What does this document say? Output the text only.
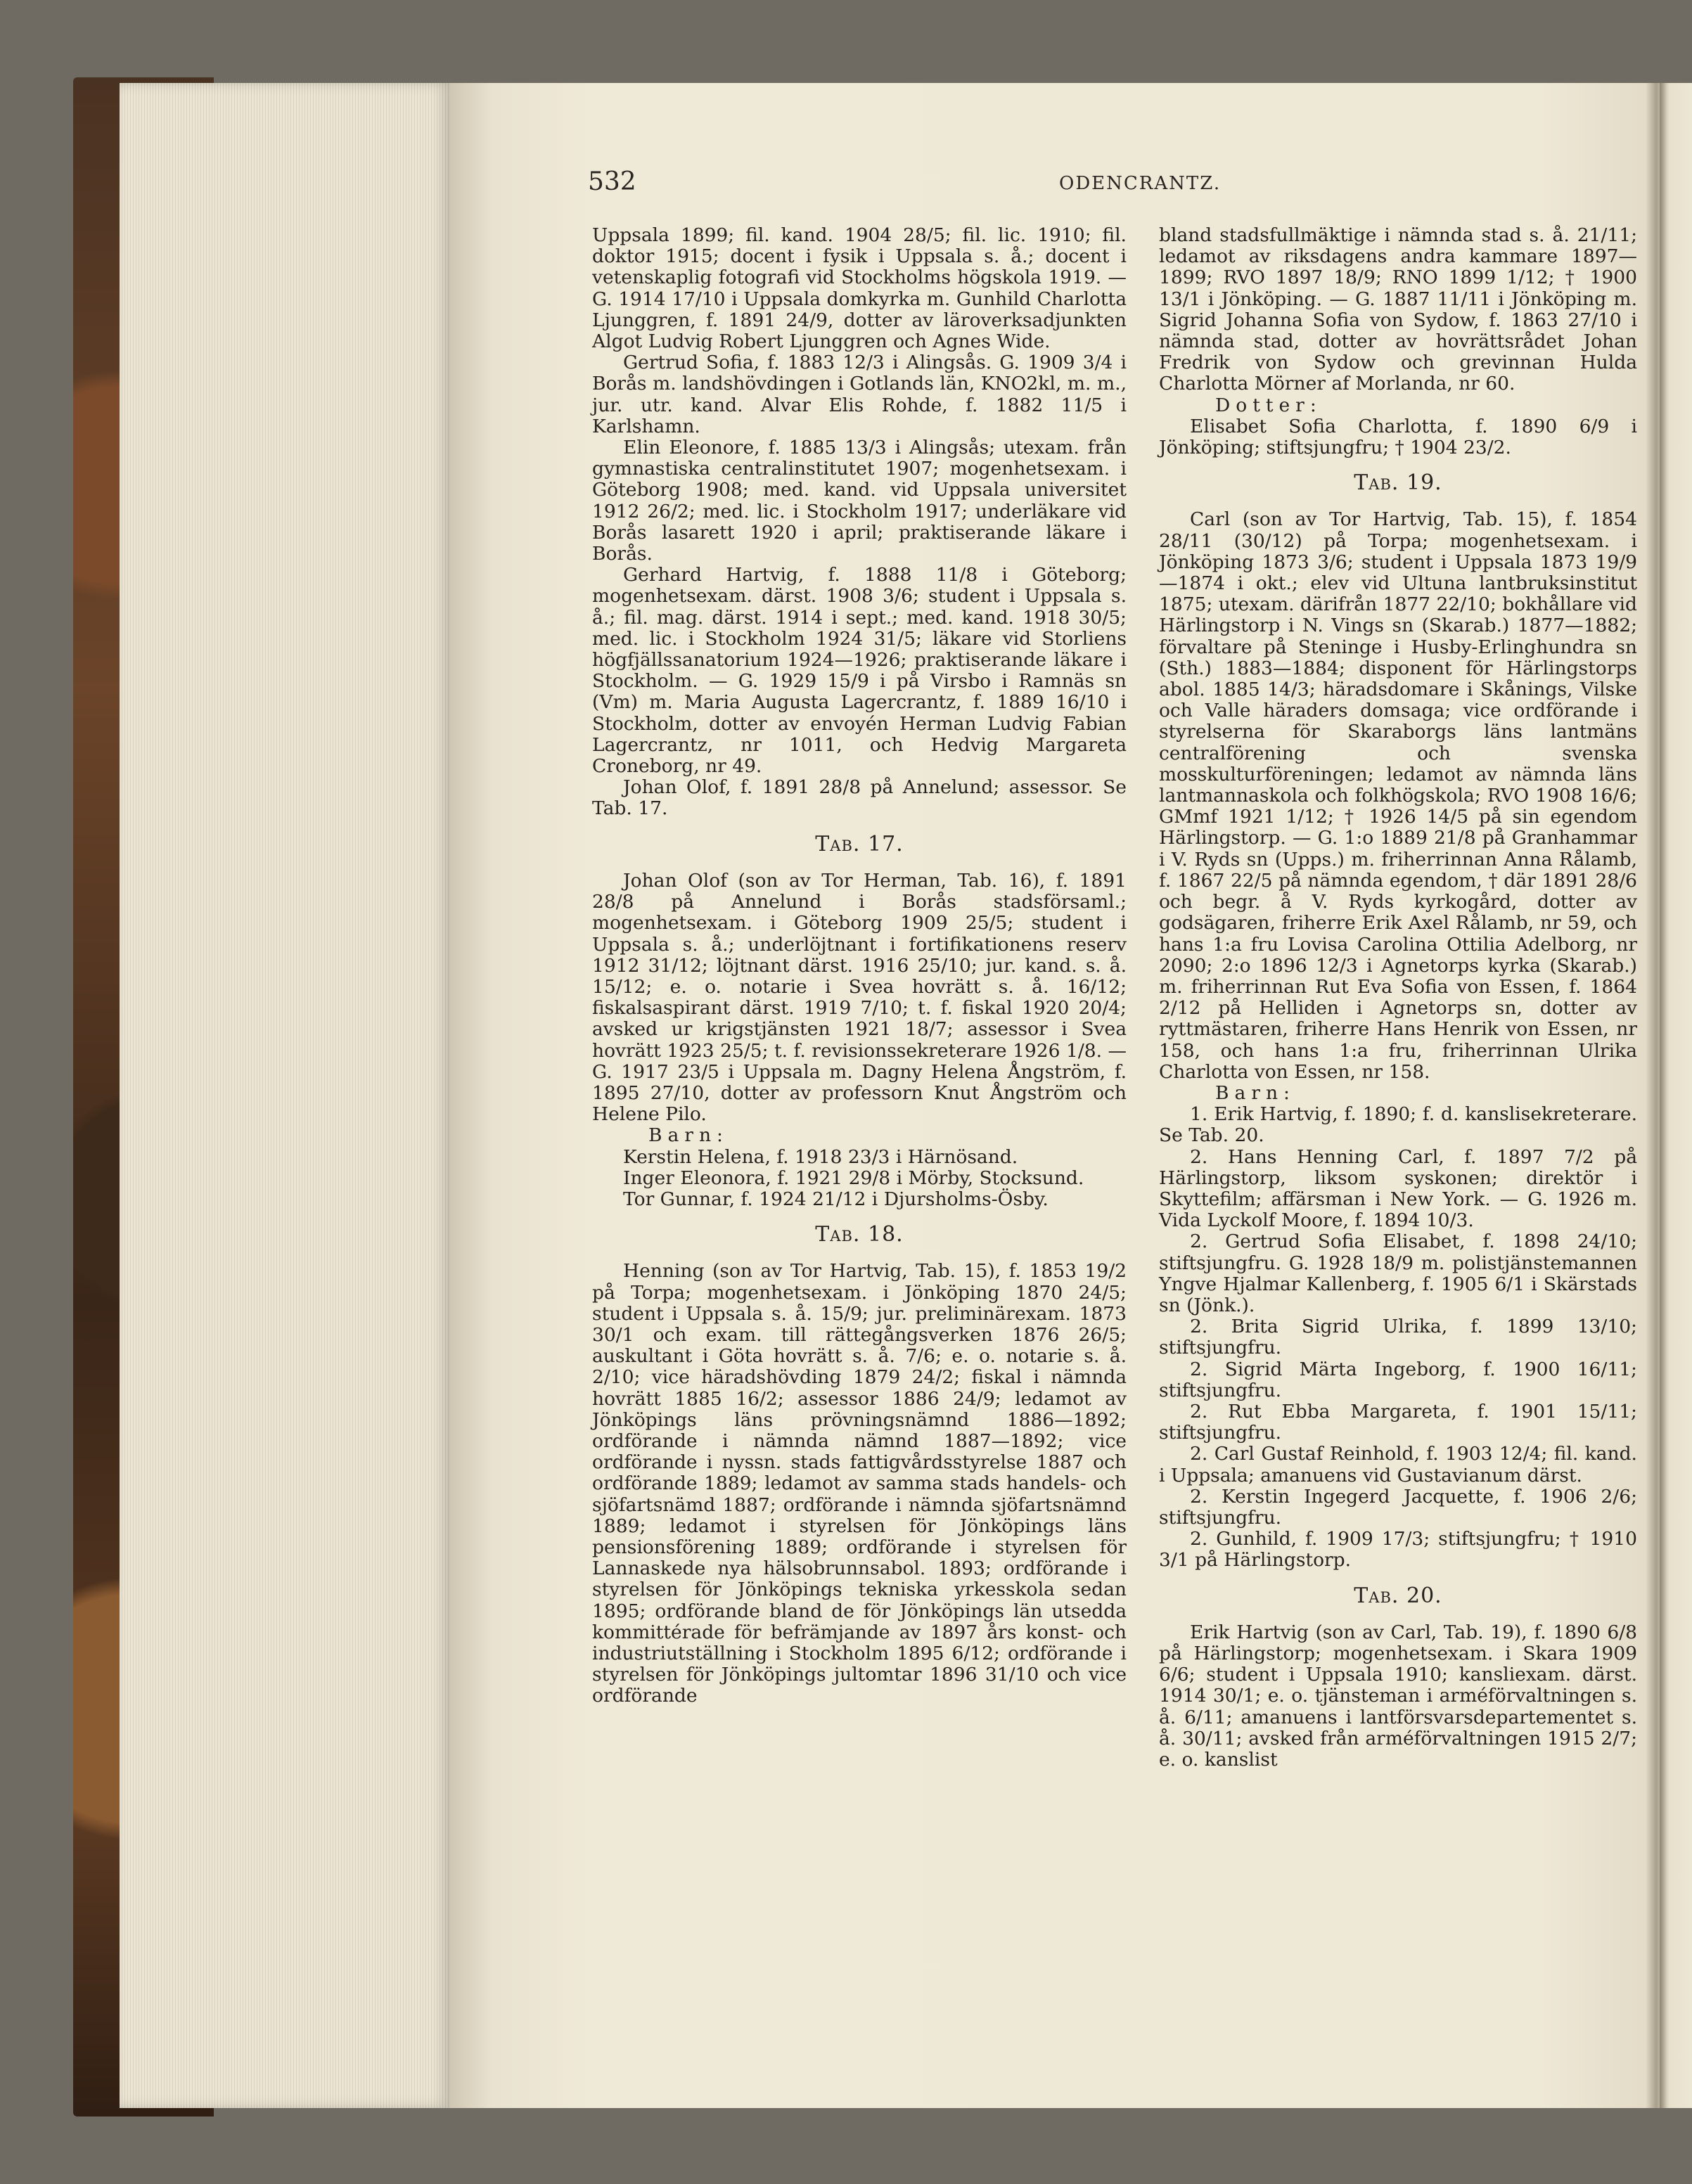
532	ODENCRANTZ.

Uppsala 1899; fil. kand. 1904 28/5; fil. lic. 1910; fil. doktor 1915; docent i fysik i Uppsala s. å.; docent i vetenskaplig fotografi vid Stockholms högskola 1919. — G. 1914 17/10 i Uppsala domkyrka m. Gunhild Charlotta Ljunggren, f. 1891 24/9, dotter av läroverksadjunkten Algot Ludvig Robert Ljunggren och Agnes Wide.

Gertrud Sofia, f. 1883 12/3 i Alingsås. G. 1909 3/4 i Borås m. landshövdingen i Gotlands län, KNO2kl, m. m., jur. utr. kand. Alvar Elis Rohde, f. 1882 11/5 i Karlshamn.

Elin Eleonore, f. 1885 13/3 i Alingsås; utexam. från gymnastiska centralinstitutet 1907; mogenhetsexam. i Göteborg 1908; med. kand. vid Uppsala universitet 1912 26/2; med. lic. i Stockholm 1917; underläkare vid Borås lasarett 1920 i april; praktiserande läkare i Borås.

Gerhard Hartvig, f. 1888 11/8 i Göteborg; mogenhetsexam. därst. 1908 3/6; student i Uppsala s. å.; fil. mag. därst. 1914 i sept.; med. kand. 1918 30/5; med. lic. i Stockholm 1924 31/5; läkare vid Storliens högfjällssanatorium 1924—1926; praktiserande läkare i Stockholm. — G. 1929 15/9 i på Virsbo i Ramnäs sn (Vm) m. Maria Augusta Lagercrantz, f. 1889 16/10 i Stockholm, dotter av envoyén Herman Ludvig Fabian Lagercrantz, nr 1011, och Hedvig Margareta Croneborg, nr 49.

Johan Olof, f. 1891 28/8 på Annelund; assessor. Se Tab. 17.

Tab. 17.

Johan Olof (son av Tor Herman, Tab. 16), f. 1891 28/8 på Annelund i Borås stadsförsaml.; mogenhetsexam. i Göteborg 1909 25/5; student i Uppsala s. å.; underlöjtnant i fortifikationens reserv 1912 31/12; löjtnant därst. 1916 25/10; jur. kand. s. å. 15/12; e. o. notarie i Svea hovrätt s. å. 16/12; fiskalsaspirant därst. 1919 7/10; t. f. fiskal 1920 20/4; avsked ur krigstjänsten 1921 18/7; assessor i Svea hovrätt 1923 25/5; t. f. revisionssekreterare 1926 1/8. — G. 1917 23/5 i Uppsala m. Dagny Helena Ångström, f. 1895 27/10, dotter av professorn Knut Ångström och Helene Pilo.

Barn:

Kerstin Helena, f. 1918 23/3 i Härnösand.

Inger Eleonora, f. 1921 29/8 i Mörby, Stocksund.

Tor Gunnar, f. 1924 21/12 i Djursholms-Ösby.

Tab. 18.

Henning (son av Tor Hartvig, Tab. 15), f. 1853 19/2 på Torpa; mogenhetsexam. i Jönköping 1870 24/5; student i Uppsala s. å. 15/9; jur. preliminärexam. 1873 30/1 och exam. till rättegångsverken 1876 26/5; auskultant i Göta hovrätt s. å. 7/6; e. o. notarie s. å. 2/10; vice häradshövding 1879 24/2; fiskal i nämnda hovrätt 1885 16/2; assessor 1886 24/9; ledamot av Jönköpings läns prövningsnämnd 1886—1892; ordförande i nämnda nämnd 1887—1892; vice ordförande i nyssn. stads fattigvårdsstyrelse 1887 och ordförande 1889; ledamot av samma stads handels- och sjöfartsnämd 1887; ordförande i nämnda sjöfartsnämnd 1889; ledamot i styrelsen för Jönköpings läns pensionsförening 1889; ordförande i styrelsen för Lannaskede nya hälsobrunnsabol. 1893; ordförande i styrelsen för Jönköpings tekniska yrkesskola sedan 1895; ordförande bland de för Jönköpings län utsedda kommittérade för befrämjande av 1897 års konst- och industriutställning i Stockholm 1895 6/12; ordförande i styrelsen för Jönköpings jultomtar 1896 31/10 och vice ordförande

bland stadsfullmäktige i nämnda stad s. å. 21/11; ledamot av riksdagens andra kammare 1897—1899; RVO 1897 18/9; RNO 1899 1/12; † 1900 13/1 i Jönköping. — G. 1887 11/11 i Jönköping m. Sigrid Johanna Sofia von Sydow, f. 1863 27/10 i nämnda stad, dotter av hovrättsrådet Johan Fredrik von Sydow och grevinnan Hulda Charlotta Mörner af Morlanda, nr 60.

Dotter:

Elisabet Sofia Charlotta, f. 1890 6/9 i Jönköping; stiftsjungfru; † 1904 23/2.

Tab. 19.

Carl (son av Tor Hartvig, Tab. 15), f. 1854 28/11 (30/12) på Torpa; mogenhetsexam. i Jönköping 1873 3/6; student i Uppsala 1873 19/9—1874 i okt.; elev vid Ultuna lantbruksinstitut 1875; utexam. därifrån 1877 22/10; bokhållare vid Härlingstorp i N. Vings sn (Skarab.) 1877—1882; förvaltare på Steninge i Husby-Erlinghundra sn (Sth.) 1883—1884; disponent för Härlingstorps abol. 1885 14/3; häradsdomare i Skånings, Vilske och Valle häraders domsaga; vice ordförande i styrelserna för Skaraborgs läns lantmäns centralförening och svenska mosskulturföreningen; ledamot av nämnda läns lantmannaskola och folkhögskola; RVO 1908 16/6; GMmf 1921 1/12; † 1926 14/5 på sin egendom Härlingstorp. — G. 1:o 1889 21/8 på Granhammar i V. Ryds sn (Upps.) m. friherrinnan Anna Rålamb, f. 1867 22/5 på nämnda egendom, † där 1891 28/6 och begr. å V. Ryds kyrkogård, dotter av godsägaren, friherre Erik Axel Rålamb, nr 59, och hans 1:a fru Lovisa Carolina Ottilia Adelborg, nr 2090; 2:o 1896 12/3 i Agnetorps kyrka (Skarab.) m. friherrinnan Rut Eva Sofia von Essen, f. 1864 2/12 på Helliden i Agnetorps sn, dotter av ryttmästaren, friherre Hans Henrik von Essen, nr 158, och hans 1:a fru, friherrinnan Ulrika Charlotta von Essen, nr 158.

Barn:

1. Erik Hartvig, f. 1890; f. d. kanslisekreterare. Se Tab. 20.

2. Hans Henning Carl, f. 1897 7/2 på Härlingstorp, liksom syskonen; direktör i Skyttefilm; affärsman i New York. — G. 1926 m. Vida Lyckolf Moore, f. 1894 10/3.

2. Gertrud Sofia Elisabet, f. 1898 24/10; stiftsjungfru. G. 1928 18/9 m. polistjänstemannen Yngve Hjalmar Kallenberg, f. 1905 6/1 i Skärstads sn (Jönk.).

2. Brita Sigrid Ulrika, f. 1899 13/10; stiftsjungfru.

2. Sigrid Märta Ingeborg, f. 1900 16/11; stiftsjungfru.

2. Rut Ebba Margareta, f. 1901 15/11; stiftsjungfru.

2. Carl Gustaf Reinhold, f. 1903 12/4; fil. kand. i Uppsala; amanuens vid Gustavianum därst.

2. Kerstin Ingegerd Jacquette, f. 1906 2/6; stiftsjungfru.

2. Gunhild, f. 1909 17/3; stiftsjungfru; † 1910 3/1 på Härlingstorp.

Tab. 20.

Erik Hartvig (son av Carl, Tab. 19), f. 1890 6/8 på Härlingstorp; mogenhetsexam. i Skara 1909 6/6; student i Uppsala 1910; kansliexam. därst. 1914 30/1; e. o. tjänsteman i arméförvaltningen s. å. 6/11; amanuens i lantförsvarsdepartementet s. å. 30/11; avsked från arméförvaltningen 1915 2/7; e. o. kanslist
